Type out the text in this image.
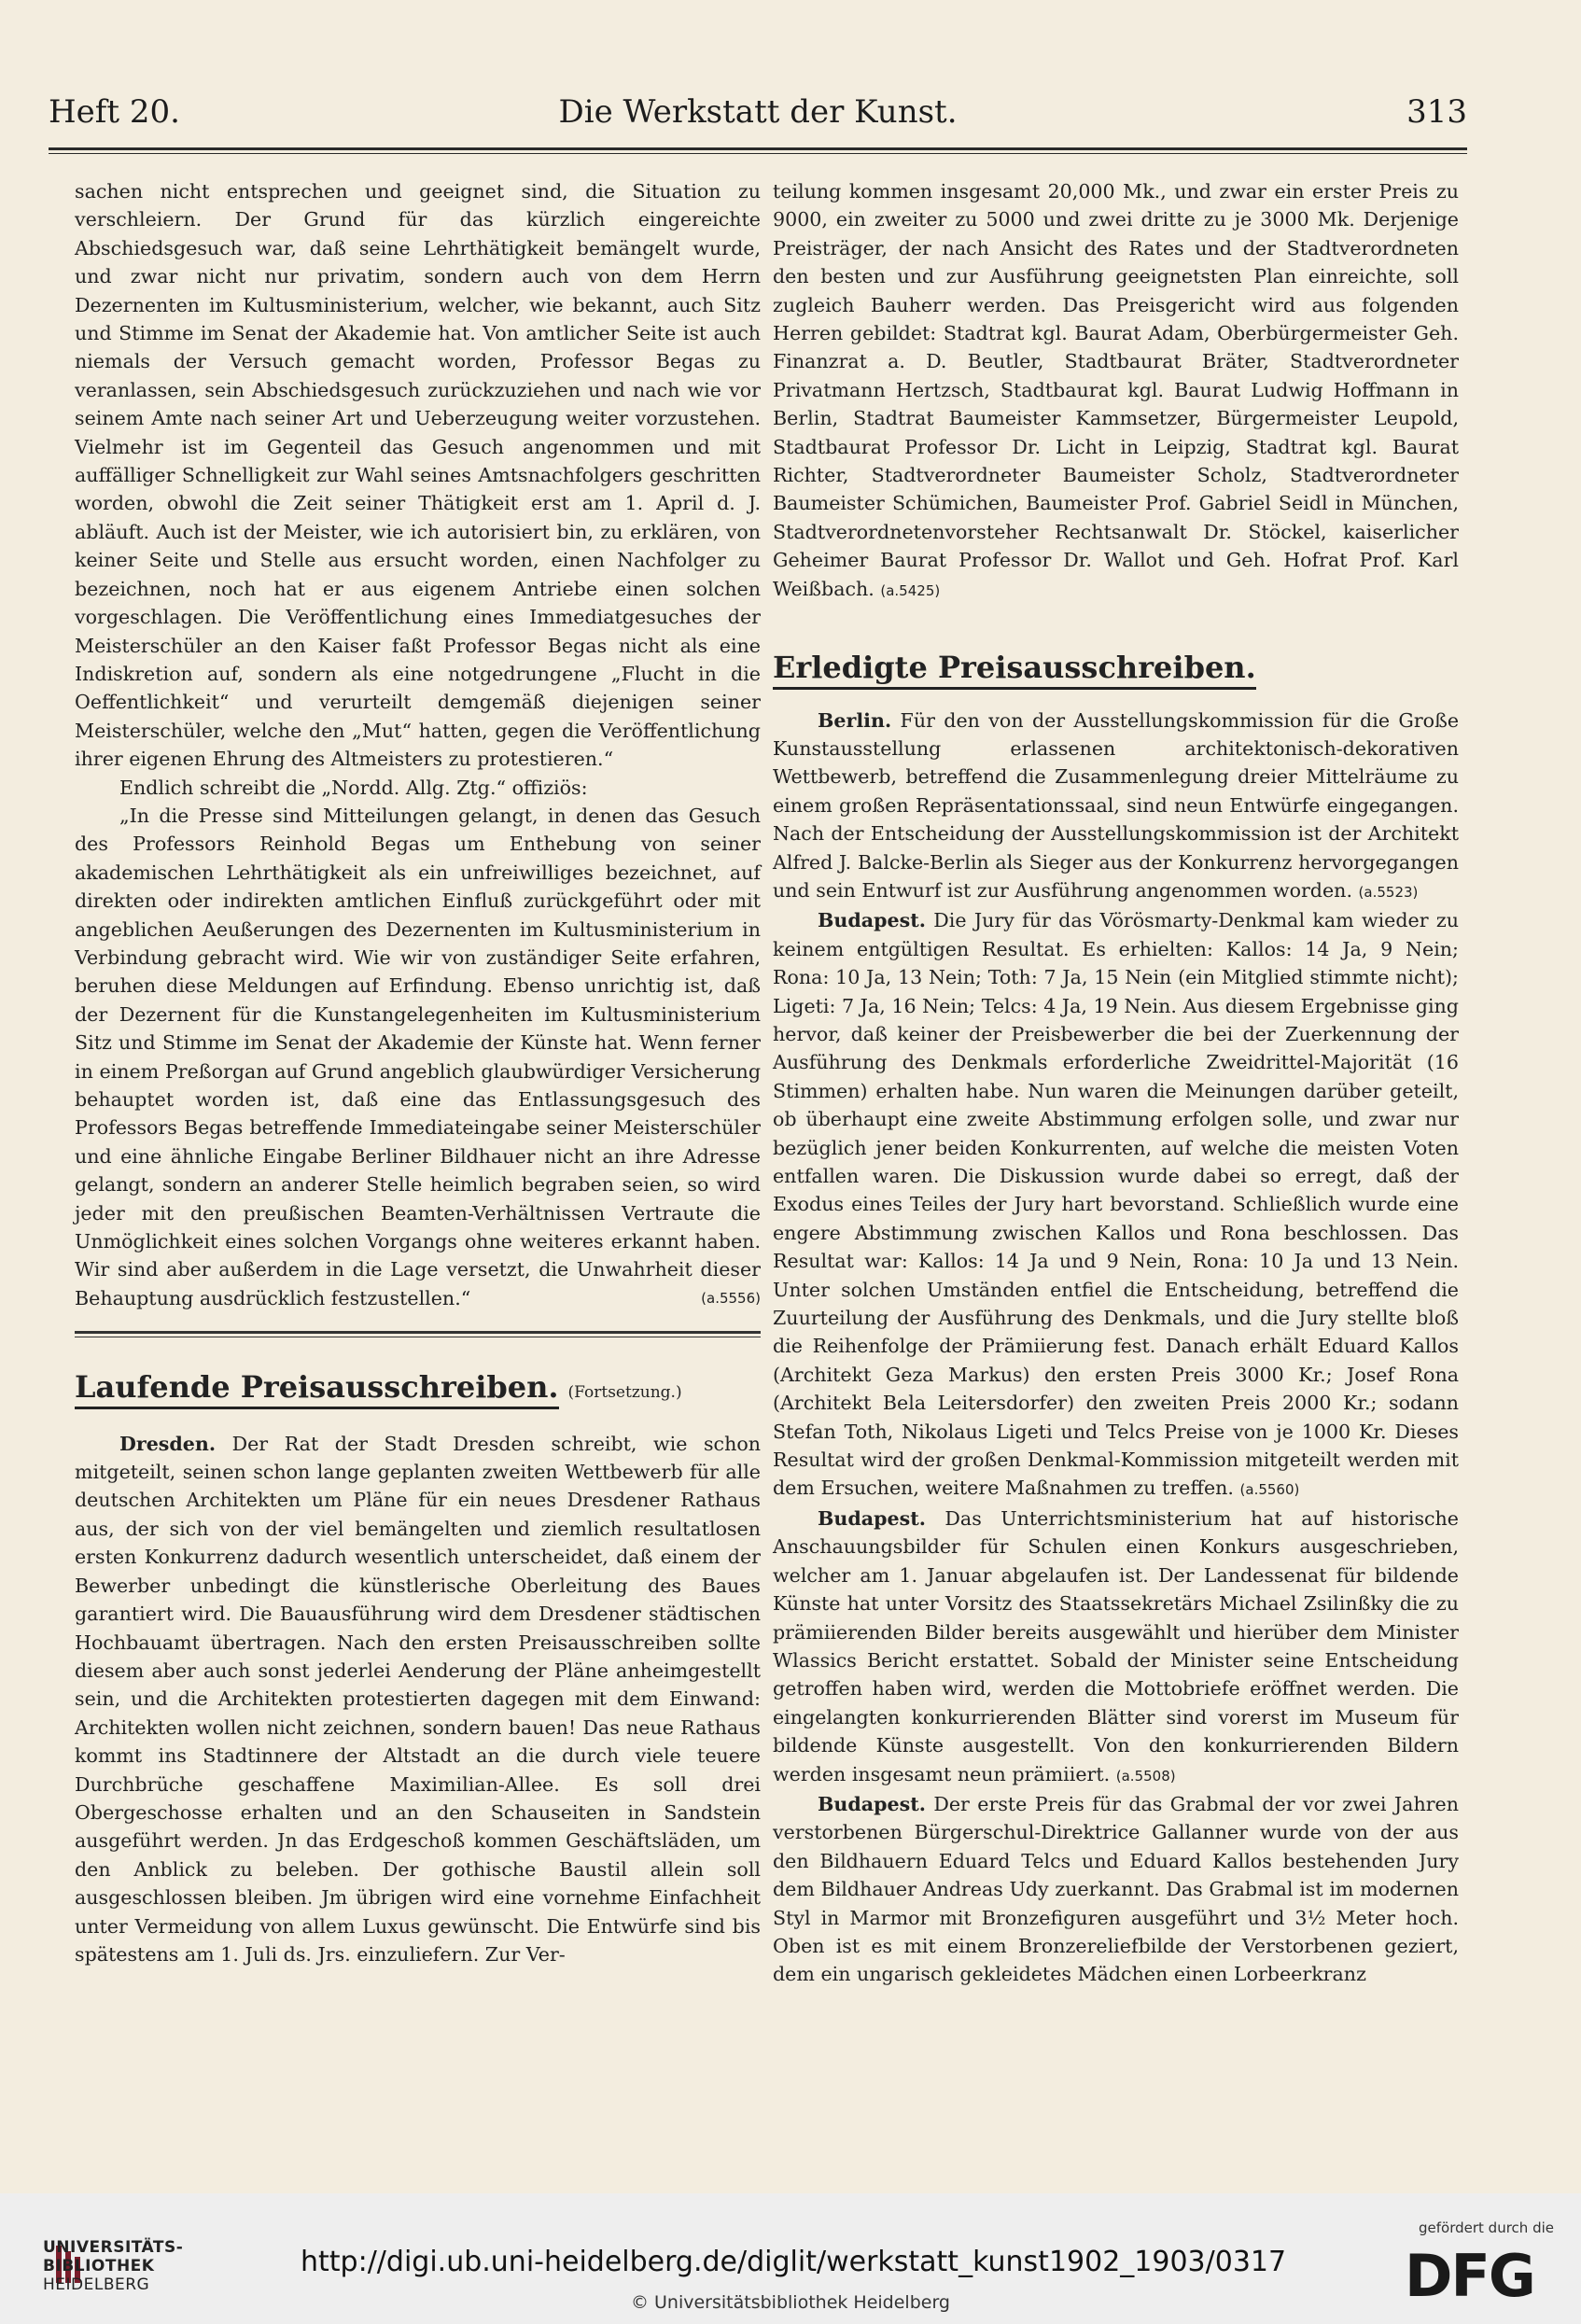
Heft 20.	Die Werkstatt der Kunst.	313

sachen nicht entsprechen und geeignet sind, die Situation zu verschleiern. Der Grund für das kürzlich eingereichte Abschiedsgesuch war, daß seine Lehrthätigkeit bemängelt wurde, und zwar nicht nur privatim, sondern auch von dem Herrn Dezernenten im Kultusministerium, welcher, wie bekannt, auch Sitz und Stimme im Senat der Akademie hat. Von amtlicher Seite ist auch niemals der Versuch gemacht worden, Professor Begas zu veranlassen, sein Abschiedsgesuch zurückzuziehen und nach wie vor seinem Amte nach seiner Art und Ueberzeugung weiter vorzustehen. Vielmehr ist im Gegenteil das Gesuch angenommen und mit auffälliger Schnelligkeit zur Wahl seines Amtsnachfolgers geschritten worden, obwohl die Zeit seiner Thätigkeit erst am 1. April d. J. abläuft. Auch ist der Meister, wie ich autorisiert bin, zu erklären, von keiner Seite und Stelle aus ersucht worden, einen Nachfolger zu bezeichnen, noch hat er aus eigenem Antriebe einen solchen vorgeschlagen. Die Veröffentlichung eines Immediatgesuches der Meisterschüler an den Kaiser faßt Professor Begas nicht als eine Indiskretion auf, sondern als eine notgedrungene „Flucht in die Oeffentlichkeit“ und verurteilt demgemäß diejenigen seiner Meisterschüler, welche den „Mut“ hatten, gegen die Veröffentlichung ihrer eigenen Ehrung des Altmeisters zu protestieren.“

Endlich schreibt die „Nordd. Allg. Ztg.“ offiziös:

„In die Presse sind Mitteilungen gelangt, in denen das Gesuch des Professors Reinhold Begas um Enthebung von seiner akademischen Lehrthätigkeit als ein unfreiwilliges bezeichnet, auf direkten oder indirekten amtlichen Einfluß zurückgeführt oder mit angeblichen Aeußerungen des Dezernenten im Kultusministerium in Verbindung gebracht wird. Wie wir von zuständiger Seite erfahren, beruhen diese Meldungen auf Erfindung. Ebenso unrichtig ist, daß der Dezernent für die Kunstangelegenheiten im Kultusministerium Sitz und Stimme im Senat der Akademie der Künste hat. Wenn ferner in einem Preßorgan auf Grund angeblich glaubwürdiger Versicherung behauptet worden ist, daß eine das Entlassungsgesuch des Professors Begas betreffende Immediateingabe seiner Meisterschüler und eine ähnliche Eingabe Berliner Bildhauer nicht an ihre Adresse gelangt, sondern an anderer Stelle heimlich begraben seien, so wird jeder mit den preußischen Beamten-Verhältnissen Vertraute die Unmöglichkeit eines solchen Vorgangs ohne weiteres erkannt haben. Wir sind aber außerdem in die Lage versetzt, die Unwahrheit dieser Behauptung ausdrücklich festzustellen.“	(a.5556)

Laufende Preisausschreiben. (Fortsetzung.)

Dresden. Der Rat der Stadt Dresden schreibt, wie schon mitgeteilt, seinen schon lange geplanten zweiten Wettbewerb für alle deutschen Architekten um Pläne für ein neues Dresdener Rathaus aus, der sich von der viel bemängelten und ziemlich resultatlosen ersten Konkurrenz dadurch wesentlich unterscheidet, daß einem der Bewerber unbedingt die künstlerische Oberleitung des Baues garantiert wird. Die Bauausführung wird dem Dresdener städtischen Hochbauamt übertragen. Nach den ersten Preisausschreiben sollte diesem aber auch sonst jederlei Aenderung der Pläne anheimgestellt sein, und die Architekten protestierten dagegen mit dem Einwand: Architekten wollen nicht zeichnen, sondern bauen! Das neue Rathaus kommt ins Stadtinnere der Altstadt an die durch viele teuere Durchbrüche geschaffene Maximilian-Allee. Es soll drei Obergeschosse erhalten und an den Schauseiten in Sandstein ausgeführt werden. Jn das Erdgeschoß kommen Geschäftsläden, um den Anblick zu beleben. Der gothische Baustil allein soll ausgeschlossen bleiben. Jm übrigen wird eine vornehme Einfachheit unter Vermeidung von allem Luxus gewünscht. Die Entwürfe sind bis spätestens am 1. Juli ds. Jrs. einzuliefern. Zur Ver-

teilung kommen insgesamt 20,000 Mk., und zwar ein erster Preis zu 9000, ein zweiter zu 5000 und zwei dritte zu je 3000 Mk. Derjenige Preisträger, der nach Ansicht des Rates und der Stadtverordneten den besten und zur Ausführung geeignetsten Plan einreichte, soll zugleich Bauherr werden. Das Preisgericht wird aus folgenden Herren gebildet: Stadtrat kgl. Baurat Adam, Oberbürgermeister Geh. Finanzrat a. D. Beutler, Stadtbaurat Bräter, Stadtverordneter Privatmann Hertzsch, Stadtbaurat kgl. Baurat Ludwig Hoffmann in Berlin, Stadtrat Baumeister Kammsetzer, Bürgermeister Leupold, Stadtbaurat Professor Dr. Licht in Leipzig, Stadtrat kgl. Baurat Richter, Stadtverordneter Baumeister Scholz, Stadtverordneter Baumeister Schümichen, Baumeister Prof. Gabriel Seidl in München, Stadtverordnetenvorsteher Rechtsanwalt Dr. Stöckel, kaiserlicher Geheimer Baurat Professor Dr. Wallot und Geh. Hofrat Prof. Karl Weißbach. (a.5425)

Erledigte Preisausschreiben.

Berlin. Für den von der Ausstellungskommission für die Große Kunstausstellung erlassenen architektonisch-dekorativen Wettbewerb, betreffend die Zusammenlegung dreier Mittelräume zu einem großen Repräsentationssaal, sind neun Entwürfe eingegangen. Nach der Entscheidung der Ausstellungskommission ist der Architekt Alfred J. Balcke-Berlin als Sieger aus der Konkurrenz hervorgegangen und sein Entwurf ist zur Ausführung angenommen worden. (a.5523)

Budapest. Die Jury für das Vörösmarty-Denkmal kam wieder zu keinem entgültigen Resultat. Es erhielten: Kallos: 14 Ja, 9 Nein; Rona: 10 Ja, 13 Nein; Toth: 7 Ja, 15 Nein (ein Mitglied stimmte nicht); Ligeti: 7 Ja, 16 Nein; Telcs: 4 Ja, 19 Nein. Aus diesem Ergebnisse ging hervor, daß keiner der Preisbewerber die bei der Zuerkennung der Ausführung des Denkmals erforderliche Zweidrittel-Majorität (16 Stimmen) erhalten habe. Nun waren die Meinungen darüber geteilt, ob überhaupt eine zweite Abstimmung erfolgen solle, und zwar nur bezüglich jener beiden Konkurrenten, auf welche die meisten Voten entfallen waren. Die Diskussion wurde dabei so erregt, daß der Exodus eines Teiles der Jury hart bevorstand. Schließlich wurde eine engere Abstimmung zwischen Kallos und Rona beschlossen. Das Resultat war: Kallos: 14 Ja und 9 Nein, Rona: 10 Ja und 13 Nein. Unter solchen Umständen entfiel die Entscheidung, betreffend die Zuurteilung der Ausführung des Denkmals, und die Jury stellte bloß die Reihenfolge der Prämiierung fest. Danach erhält Eduard Kallos (Architekt Geza Markus) den ersten Preis 3000 Kr.; Josef Rona (Architekt Bela Leitersdorfer) den zweiten Preis 2000 Kr.; sodann Stefan Toth, Nikolaus Ligeti und Telcs Preise von je 1000 Kr. Dieses Resultat wird der großen Denkmal-Kommission mitgeteilt werden mit dem Ersuchen, weitere Maßnahmen zu treffen. (a.5560)

Budapest. Das Unterrichtsministerium hat auf historische Anschauungsbilder für Schulen einen Konkurs ausgeschrieben, welcher am 1. Januar abgelaufen ist. Der Landessenat für bildende Künste hat unter Vorsitz des Staatssekretärs Michael Zsilinßky die zu prämiierenden Bilder bereits ausgewählt und hierüber dem Minister Wlassics Bericht erstattet. Sobald der Minister seine Entscheidung getroffen haben wird, werden die Mottobriefe eröffnet werden. Die eingelangten konkurrierenden Blätter sind vorerst im Museum für bildende Künste ausgestellt. Von den konkurrierenden Bildern werden insgesamt neun prämiiert. (a.5508)

Budapest. Der erste Preis für das Grabmal der vor zwei Jahren verstorbenen Bürgerschul-Direktrice Gallanner wurde von der aus den Bildhauern Eduard Telcs und Eduard Kallos bestehenden Jury dem Bildhauer Andreas Udy zuerkannt. Das Grabmal ist im modernen Styl in Marmor mit Bronzefiguren ausgeführt und 3½ Meter hoch. Oben ist es mit einem Bronzereliefbilde der Verstorbenen geziert, dem ein ungarisch gekleidetes Mädchen einen Lorbeerkranz

UNIVERSITÄTS-
BIBLIOTHEK
HEIDELBERG
http://digi.ub.uni-heidelberg.de/diglit/werkstatt_kunst1902_1903/0317
© Universitätsbibliothek Heidelberg
gefördert durch die
DFG
